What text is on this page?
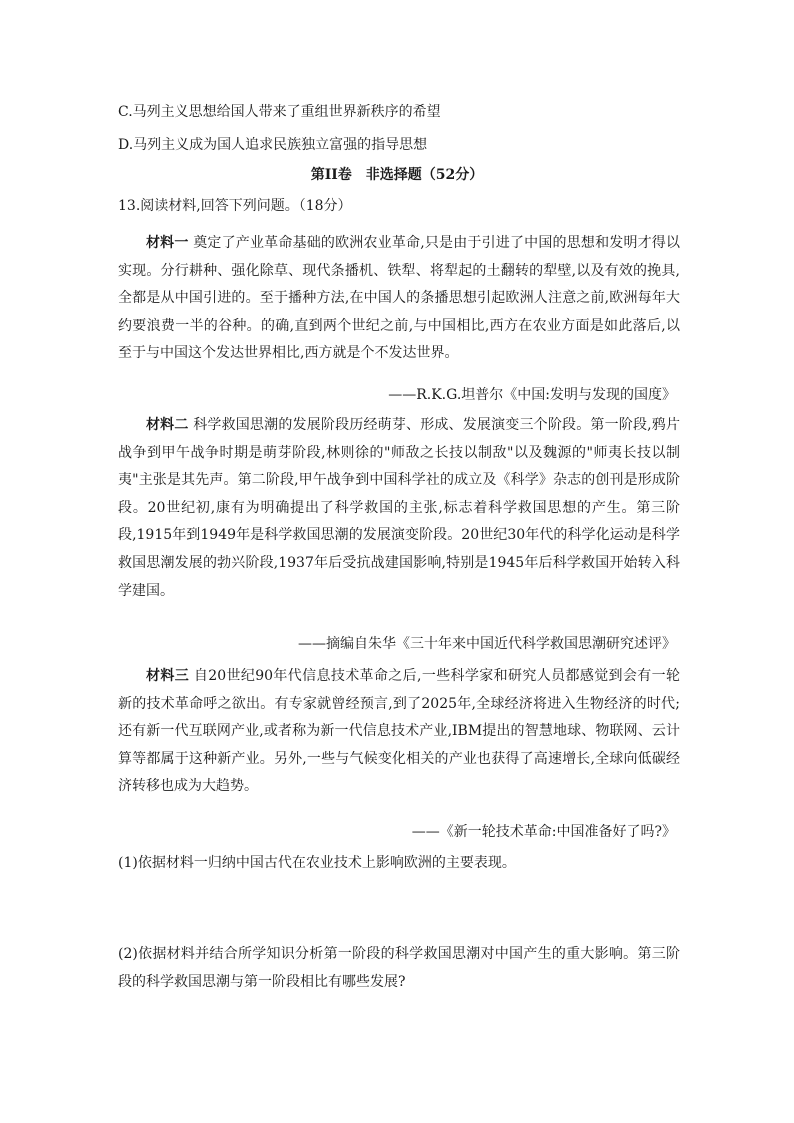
C.马列主义思想给国人带来了重组世界新秩序的希望
D.马列主义成为国人追求民族独立富强的指导思想
第II卷　非选择题（52分）
13.阅读材料,回答下列问题。（18分）
材料一 奠定了产业革命基础的欧洲农业革命,只是由于引进了中国的思想和发明才得以实现。分行耕种、强化除草、现代条播机、铁犁、将犁起的土翻转的犁壁,以及有效的挽具,全都是从中国引进的。至于播种方法,在中国人的条播思想引起欧洲人注意之前,欧洲每年大约要浪费一半的谷种。的确,直到两个世纪之前,与中国相比,西方在农业方面是如此落后,以至于与中国这个发达世界相比,西方就是个不发达世界。
——R.K.G.坦普尔《中国:发明与发现的国度》
材料二 科学救国思潮的发展阶段历经萌芽、形成、发展演变三个阶段。第一阶段,鸦片战争到甲午战争时期是萌芽阶段,林则徐的"师敌之长技以制敌"以及魏源的"师夷长技以制夷"主张是其先声。第二阶段,甲午战争到中国科学社的成立及《科学》杂志的创刊是形成阶段。20世纪初,康有为明确提出了科学救国的主张,标志着科学救国思想的产生。第三阶段,1915年到1949年是科学救国思潮的发展演变阶段。20世纪30年代的科学化运动是科学救国思潮发展的勃兴阶段,1937年后受抗战建国影响,特别是1945年后科学救国开始转入科学建国。
——摘编自朱华《三十年来中国近代科学救国思潮研究述评》
材料三 自20世纪90年代信息技术革命之后,一些科学家和研究人员都感觉到会有一轮新的技术革命呼之欲出。有专家就曾经预言,到了2025年,全球经济将进入生物经济的时代;还有新一代互联网产业,或者称为新一代信息技术产业,IBM提出的智慧地球、物联网、云计算等都属于这种新产业。另外,一些与气候变化相关的产业也获得了高速增长,全球向低碳经济转移也成为大趋势。
——《新一轮技术革命:中国准备好了吗?》
(1)依据材料一归纳中国古代在农业技术上影响欧洲的主要表现。
(2)依据材料并结合所学知识分析第一阶段的科学救国思潮对中国产生的重大影响。第三阶段的科学救国思潮与第一阶段相比有哪些发展?
